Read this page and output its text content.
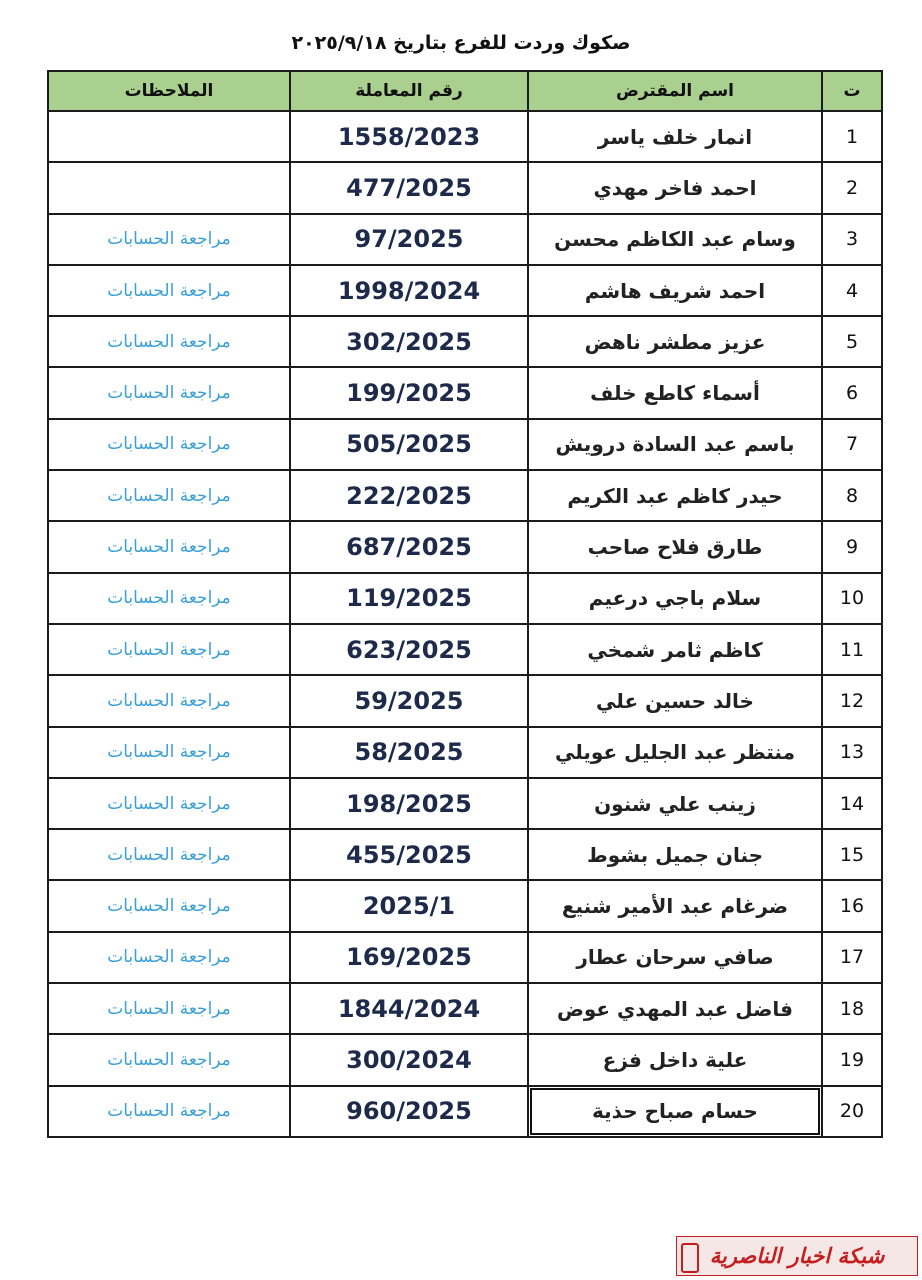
صكوك وردت للفرع بتاريخ ٢٠٢٥/٩/١٨
ت	اسم المقترض	رقم المعاملة	الملاحظات
1	انمار خلف ياسر	1558/2023	
2	احمد فاخر مهدي	477/2025	
3	وسام عبد الكاظم محسن	97/2025	مراجعة الحسابات
4	احمد شريف هاشم	1998/2024	مراجعة الحسابات
5	عزيز مطشر ناهض	302/2025	مراجعة الحسابات
6	أسماء كاطع خلف	199/2025	مراجعة الحسابات
7	باسم عبد السادة درويش	505/2025	مراجعة الحسابات
8	حيدر كاظم عبد الكريم	222/2025	مراجعة الحسابات
9	طارق فلاح صاحب	687/2025	مراجعة الحسابات
10	سلام باجي درعيم	119/2025	مراجعة الحسابات
11	كاظم ثامر شمخي	623/2025	مراجعة الحسابات
12	خالد حسين علي	59/2025	مراجعة الحسابات
13	منتظر عبد الجليل عويلي	58/2025	مراجعة الحسابات
14	زينب علي شنون	198/2025	مراجعة الحسابات
15	جنان جميل بشوط	455/2025	مراجعة الحسابات
16	ضرغام عبد الأمير شنيع	2025/1	مراجعة الحسابات
17	صافي سرحان عطار	169/2025	مراجعة الحسابات
18	فاضل عبد المهدي عوض	1844/2024	مراجعة الحسابات
19	علية داخل فزع	300/2024	مراجعة الحسابات
20	حسام صباح حذية	960/2025	مراجعة الحسابات
شبكة اخبار الناصرية
